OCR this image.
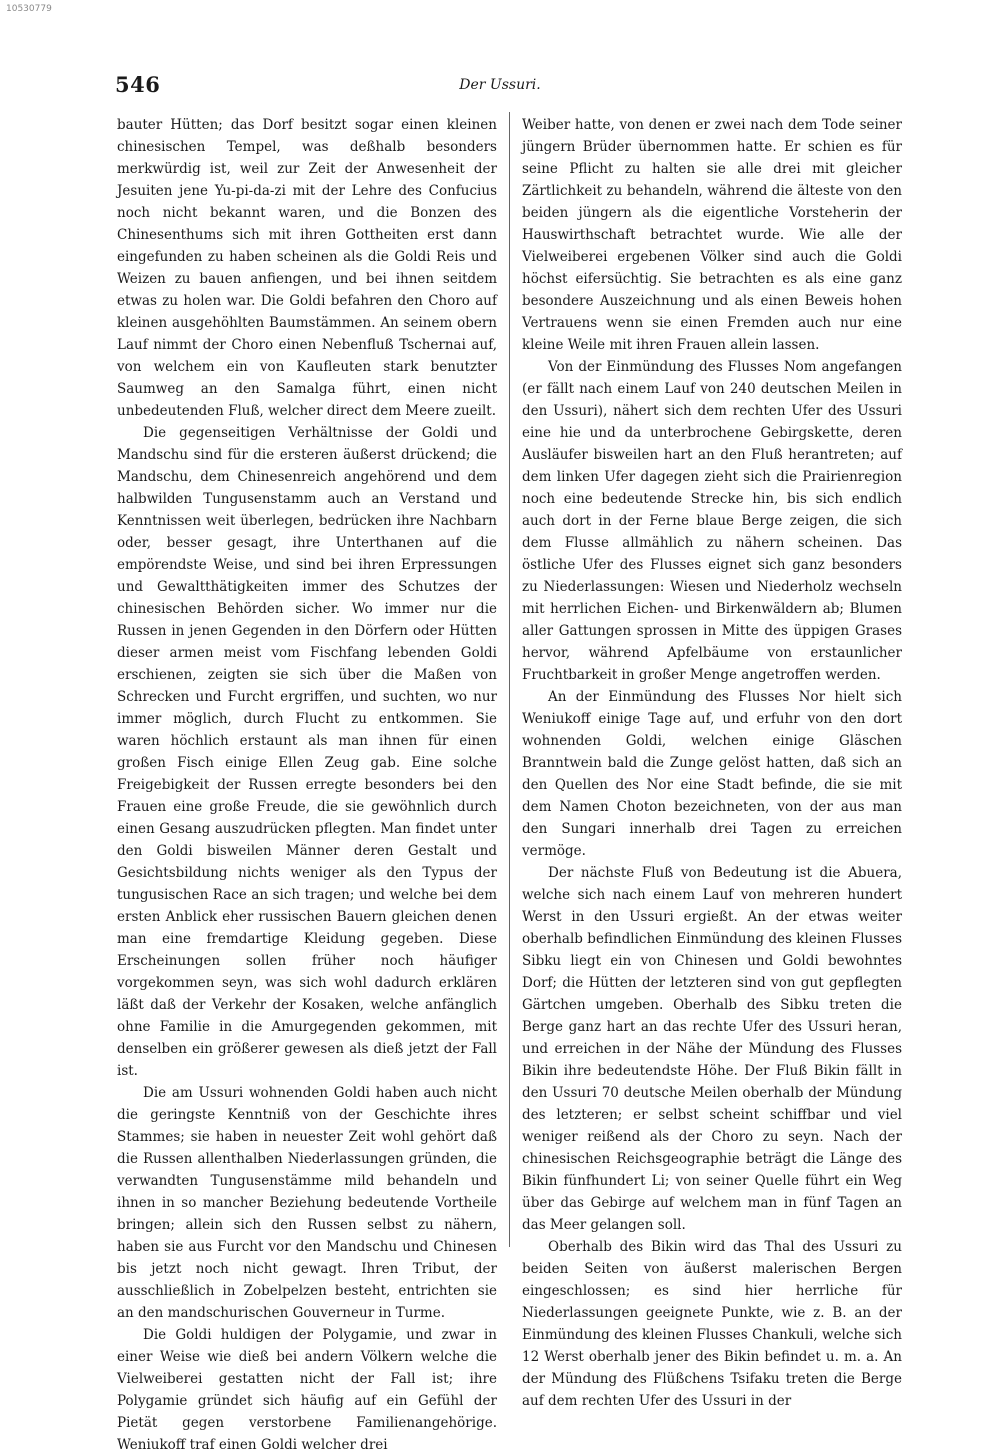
10530779
546	Der Ussuri.

bauter Hütten; das Dorf besitzt sogar einen kleinen chinesischen Tempel, was deßhalb besonders merkwürdig ist, weil zur Zeit der Anwesenheit der Jesuiten jene Yu-pi-da-zi mit der Lehre des Confucius noch nicht bekannt waren, und die Bonzen des Chinesenthums sich mit ihren Gottheiten erst dann eingefunden zu haben scheinen als die Goldi Reis und Weizen zu bauen anfiengen, und bei ihnen seitdem etwas zu holen war. Die Goldi befahren den Choro auf kleinen ausgehöhlten Baumstämmen. An seinem obern Lauf nimmt der Choro einen Nebenfluß Tschernai auf, von welchem ein von Kaufleuten stark benutzter Saumweg an den Samalga führt, einen nicht unbedeutenden Fluß, welcher direct dem Meere zueilt.

Die gegenseitigen Verhältnisse der Goldi und Mandschu sind für die ersteren äußerst drückend; die Mandschu, dem Chinesenreich angehörend und dem halbwilden Tungusenstamm auch an Verstand und Kenntnissen weit überlegen, bedrücken ihre Nachbarn oder, besser gesagt, ihre Unterthanen auf die empörendste Weise, und sind bei ihren Erpressungen und Gewaltthätigkeiten immer des Schutzes der chinesischen Behörden sicher. Wo immer nur die Russen in jenen Gegenden in den Dörfern oder Hütten dieser armen meist vom Fischfang lebenden Goldi erschienen, zeigten sie sich über die Maßen von Schrecken und Furcht ergriffen, und suchten, wo nur immer möglich, durch Flucht zu entkommen. Sie waren höchlich erstaunt als man ihnen für einen großen Fisch einige Ellen Zeug gab. Eine solche Freigebigkeit der Russen erregte besonders bei den Frauen eine große Freude, die sie gewöhnlich durch einen Gesang auszudrücken pflegten. Man findet unter den Goldi bisweilen Männer deren Gestalt und Gesichtsbildung nichts weniger als den Typus der tungusischen Race an sich tragen; und welche bei dem ersten Anblick eher russischen Bauern gleichen denen man eine fremdartige Kleidung gegeben. Diese Erscheinungen sollen früher noch häufiger vorgekommen seyn, was sich wohl dadurch erklären läßt daß der Verkehr der Kosaken, welche anfänglich ohne Familie in die Amurgegenden gekommen, mit denselben ein größerer gewesen als dieß jetzt der Fall ist.

Die am Ussuri wohnenden Goldi haben auch nicht die geringste Kenntniß von der Geschichte ihres Stammes; sie haben in neuester Zeit wohl gehört daß die Russen allenthalben Niederlassungen gründen, die verwandten Tungusenstämme mild behandeln und ihnen in so mancher Beziehung bedeutende Vortheile bringen; allein sich den Russen selbst zu nähern, haben sie aus Furcht vor den Mandschu und Chinesen bis jetzt noch nicht gewagt. Ihren Tribut, der ausschließlich in Zobelpelzen besteht, entrichten sie an den mandschurischen Gouverneur in Turme.

Die Goldi huldigen der Polygamie, und zwar in einer Weise wie dieß bei andern Völkern welche die Vielweiberei gestatten nicht der Fall ist; ihre Polygamie gründet sich häufig auf ein Gefühl der Pietät gegen verstorbene Familienangehörige. Weniukoff traf einen Goldi welcher drei

Weiber hatte, von denen er zwei nach dem Tode seiner jüngern Brüder übernommen hatte. Er schien es für seine Pflicht zu halten sie alle drei mit gleicher Zärtlichkeit zu behandeln, während die älteste von den beiden jüngern als die eigentliche Vorsteherin der Hauswirthschaft betrachtet wurde. Wie alle der Vielweiberei ergebenen Völker sind auch die Goldi höchst eifersüchtig. Sie betrachten es als eine ganz besondere Auszeichnung und als einen Beweis hohen Vertrauens wenn sie einen Fremden auch nur eine kleine Weile mit ihren Frauen allein lassen.

Von der Einmündung des Flusses Nom angefangen (er fällt nach einem Lauf von 240 deutschen Meilen in den Ussuri), nähert sich dem rechten Ufer des Ussuri eine hie und da unterbrochene Gebirgskette, deren Ausläufer bisweilen hart an den Fluß herantreten; auf dem linken Ufer dagegen zieht sich die Prairienregion noch eine bedeutende Strecke hin, bis sich endlich auch dort in der Ferne blaue Berge zeigen, die sich dem Flusse allmählich zu nähern scheinen. Das östliche Ufer des Flusses eignet sich ganz besonders zu Niederlassungen: Wiesen und Niederholz wechseln mit herrlichen Eichen- und Birkenwäldern ab; Blumen aller Gattungen sprossen in Mitte des üppigen Grases hervor, während Apfelbäume von erstaunlicher Fruchtbarkeit in großer Menge angetroffen werden.

An der Einmündung des Flusses Nor hielt sich Weniukoff einige Tage auf, und erfuhr von den dort wohnenden Goldi, welchen einige Gläschen Branntwein bald die Zunge gelöst hatten, daß sich an den Quellen des Nor eine Stadt befinde, die sie mit dem Namen Choton bezeichneten, von der aus man den Sungari innerhalb drei Tagen zu erreichen vermöge.

Der nächste Fluß von Bedeutung ist die Abuera, welche sich nach einem Lauf von mehreren hundert Werst in den Ussuri ergießt. An der etwas weiter oberhalb befindlichen Einmündung des kleinen Flusses Sibku liegt ein von Chinesen und Goldi bewohntes Dorf; die Hütten der letzteren sind von gut gepflegten Gärtchen umgeben. Oberhalb des Sibku treten die Berge ganz hart an das rechte Ufer des Ussuri heran, und erreichen in der Nähe der Mündung des Flusses Bikin ihre bedeutendste Höhe. Der Fluß Bikin fällt in den Ussuri 70 deutsche Meilen oberhalb der Mündung des letzteren; er selbst scheint schiffbar und viel weniger reißend als der Choro zu seyn. Nach der chinesischen Reichsgeographie beträgt die Länge des Bikin fünfhundert Li; von seiner Quelle führt ein Weg über das Gebirge auf welchem man in fünf Tagen an das Meer gelangen soll.

Oberhalb des Bikin wird das Thal des Ussuri zu beiden Seiten von äußerst malerischen Bergen eingeschlossen; es sind hier herrliche für Niederlassungen geeignete Punkte, wie z. B. an der Einmündung des kleinen Flusses Chankuli, welche sich 12 Werst oberhalb jener des Bikin befindet u. m. a. An der Mündung des Flüßchens Tsifaku treten die Berge auf dem rechten Ufer des Ussuri in der
